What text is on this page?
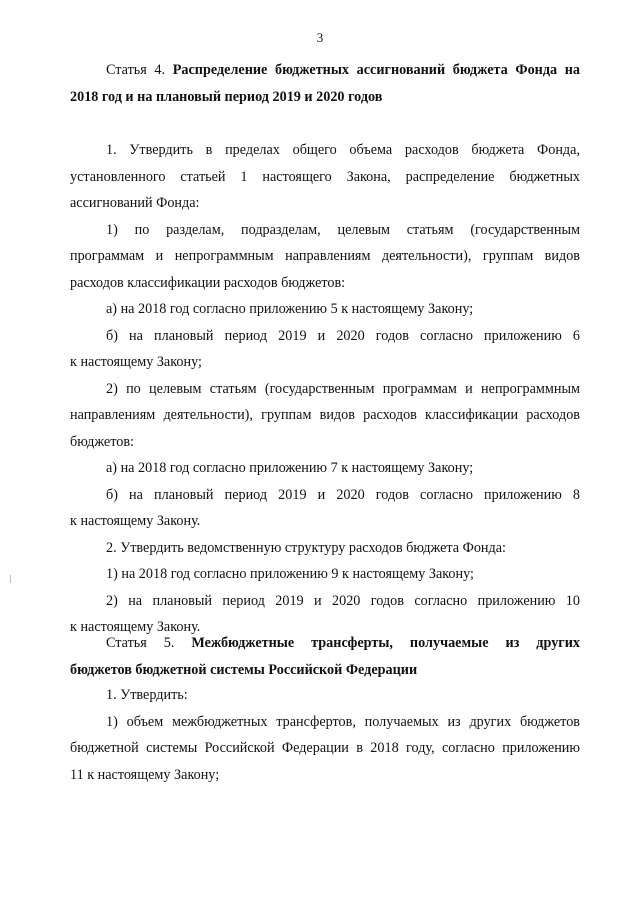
3
Статья 4. Распределение бюджетных ассигнований бюджета Фонда на
2018 год и на плановый период 2019 и 2020 годов
1. Утвердить в пределах общего объема расходов бюджета Фонда,
установленного статьей 1 настоящего Закона, распределение бюджетных
ассигнований Фонда:
1) по разделам, подразделам, целевым статьям (государственным
программам и непрограммным направлениям деятельности), группам видов
расходов классификации расходов бюджетов:
а) на 2018 год согласно приложению 5 к настоящему Закону;
б) на плановый период 2019 и 2020 годов согласно приложению 6
к настоящему Закону;
2) по целевым статьям (государственным программам и непрограммным
направлениям деятельности), группам видов расходов классификации расходов
бюджетов:
а) на 2018 год согласно приложению 7 к настоящему Закону;
б) на плановый период 2019 и 2020 годов согласно приложению 8
к настоящему Закону.
2. Утвердить ведомственную структуру расходов бюджета Фонда:
1) на 2018 год согласно приложению 9 к настоящему Закону;
2) на плановый период 2019 и 2020 годов согласно приложению 10
к настоящему Закону.
Статья 5. Межбюджетные трансферты, получаемые из других
бюджетов бюджетной системы Российской Федерации
1. Утвердить:
1) объем межбюджетных трансфертов, получаемых из других бюджетов
бюджетной системы Российской Федерации в 2018 году, согласно приложению
11 к настоящему Закону;
